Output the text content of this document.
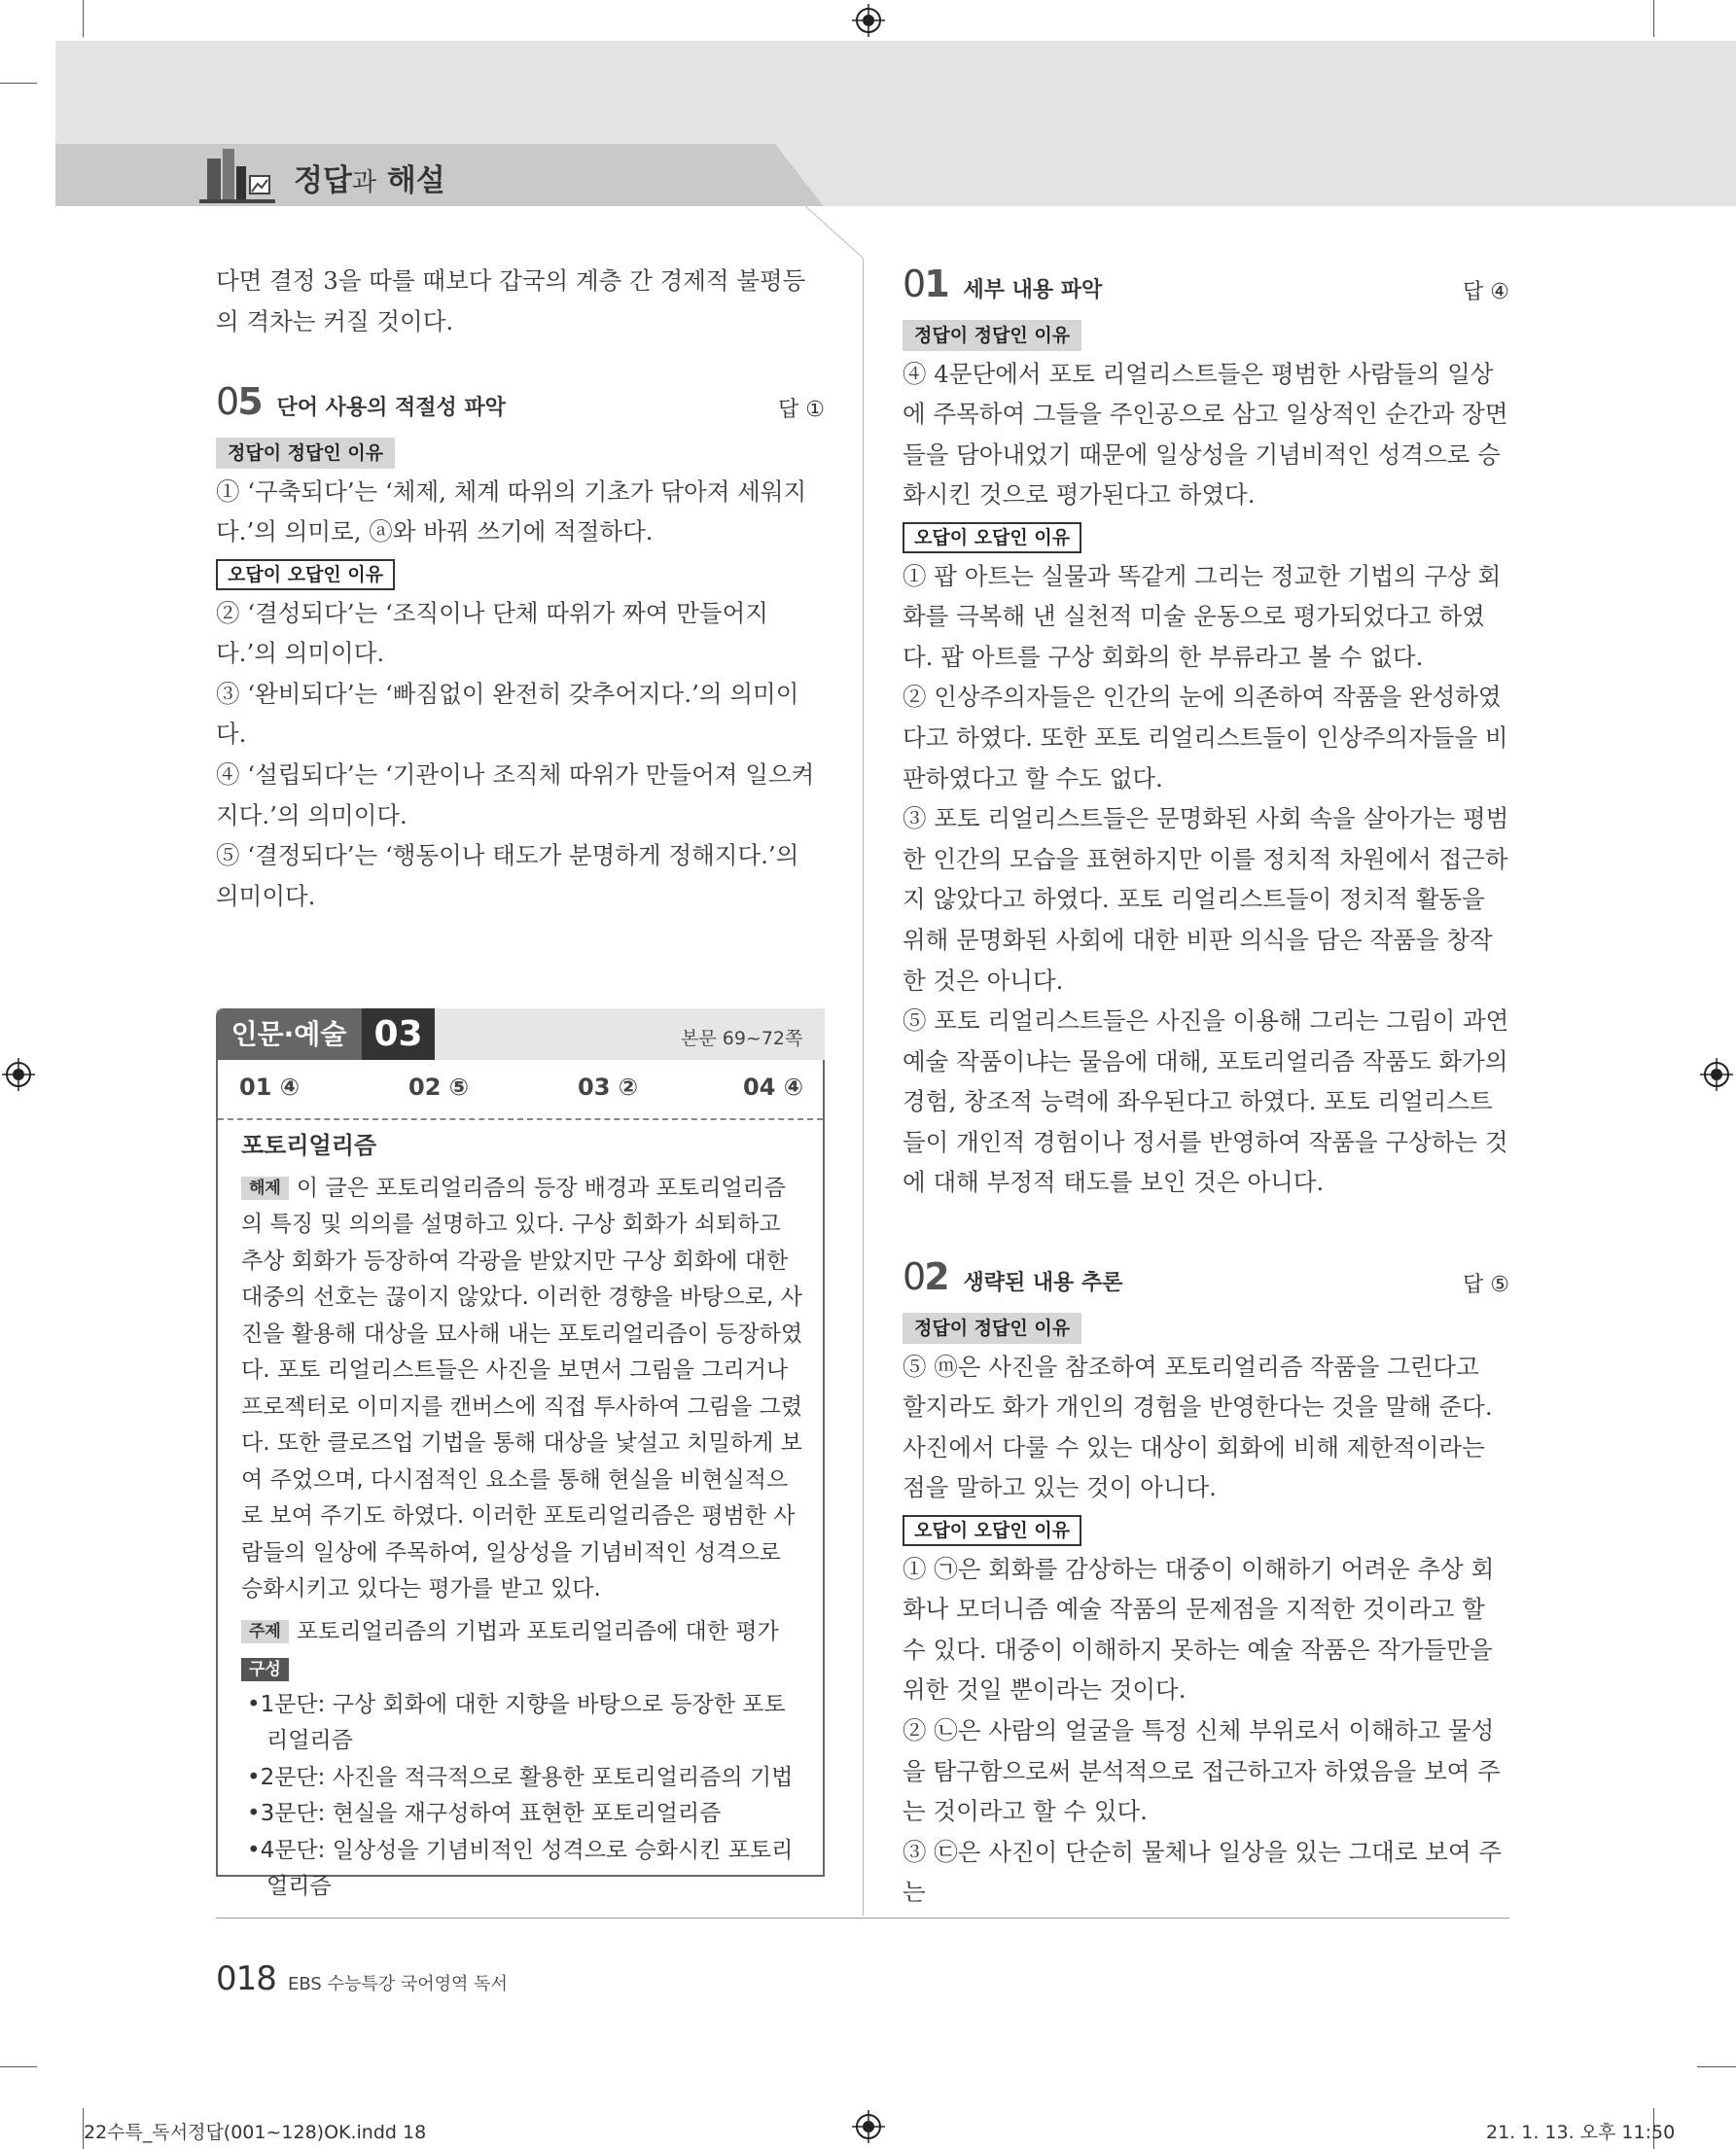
정답과 해설

다면 결정 3을 따를 때보다 갑국의 계층 간 경제적 불평등의 격차는 커질 것이다.

05 단어 사용의 적절성 파악	답 ①
정답이 정답인 이유

① ‘구축되다’는 ‘체제, 체계 따위의 기초가 닦아져 세워지다.’의 의미로, ⓐ와 바꿔 쓰기에 적절하다.

오답이 오답인 이유

② ‘결성되다’는 ‘조직이나 단체 따위가 짜여 만들어지다.’의 의미이다.

③ ‘완비되다’는 ‘빠짐없이 완전히 갖추어지다.’의 의미이다.

④ ‘설립되다’는 ‘기관이나 조직체 따위가 만들어져 일으켜지다.’의 의미이다.

⑤ ‘결정되다’는 ‘행동이나 태도가 분명하게 정해지다.’의 의미이다.

인문·예술 03	본문 69~72쪽
01 ④	02 ⑤	03 ②	04 ④
포토리얼리즘
해제 이 글은 포토리얼리즘의 등장 배경과 포토리얼리즘의 특징 및 의의를 설명하고 있다. 구상 회화가 쇠퇴하고 추상 회화가 등장하여 각광을 받았지만 구상 회화에 대한 대중의 선호는 끊이지 않았다. 이러한 경향을 바탕으로, 사진을 활용해 대상을 묘사해 내는 포토리얼리즘이 등장하였다. 포토 리얼리스트들은 사진을 보면서 그림을 그리거나 프로젝터로 이미지를 캔버스에 직접 투사하여 그림을 그렸다. 또한 클로즈업 기법을 통해 대상을 낯설고 치밀하게 보여 주었으며, 다시점적인 요소를 통해 현실을 비현실적으로 보여 주기도 하였다. 이러한 포토리얼리즘은 평범한 사람들의 일상에 주목하여, 일상성을 기념비적인 성격으로 승화시키고 있다는 평가를 받고 있다.
주제 포토리얼리즘의 기법과 포토리얼리즘에 대한 평가
구성
•1문단: 구상 회화에 대한 지향을 바탕으로 등장한 포토리얼리즘
•2문단: 사진을 적극적으로 활용한 포토리얼리즘의 기법
•3문단: 현실을 재구성하여 표현한 포토리얼리즘
•4문단: 일상성을 기념비적인 성격으로 승화시킨 포토리얼리즘
01 세부 내용 파악	답 ④
정답이 정답인 이유

④ 4문단에서 포토 리얼리스트들은 평범한 사람들의 일상에 주목하여 그들을 주인공으로 삼고 일상적인 순간과 장면들을 담아내었기 때문에 일상성을 기념비적인 성격으로 승화시킨 것으로 평가된다고 하였다.

오답이 오답인 이유

① 팝 아트는 실물과 똑같게 그리는 정교한 기법의 구상 회화를 극복해 낸 실천적 미술 운동으로 평가되었다고 하였다. 팝 아트를 구상 회화의 한 부류라고 볼 수 없다.

② 인상주의자들은 인간의 눈에 의존하여 작품을 완성하였다고 하였다. 또한 포토 리얼리스트들이 인상주의자들을 비판하였다고 할 수도 없다.

③ 포토 리얼리스트들은 문명화된 사회 속을 살아가는 평범한 인간의 모습을 표현하지만 이를 정치적 차원에서 접근하지 않았다고 하였다. 포토 리얼리스트들이 정치적 활동을 위해 문명화된 사회에 대한 비판 의식을 담은 작품을 창작한 것은 아니다.

⑤ 포토 리얼리스트들은 사진을 이용해 그리는 그림이 과연 예술 작품이냐는 물음에 대해, 포토리얼리즘 작품도 화가의 경험, 창조적 능력에 좌우된다고 하였다. 포토 리얼리스트들이 개인적 경험이나 정서를 반영하여 작품을 구상하는 것에 대해 부정적 태도를 보인 것은 아니다.

02 생략된 내용 추론	답 ⑤
정답이 정답인 이유

⑤ ⓜ은 사진을 참조하여 포토리얼리즘 작품을 그린다고 할지라도 화가 개인의 경험을 반영한다는 것을 말해 준다. 사진에서 다룰 수 있는 대상이 회화에 비해 제한적이라는 점을 말하고 있는 것이 아니다.

오답이 오답인 이유

① ㉠은 회화를 감상하는 대중이 이해하기 어려운 추상 회화나 모더니즘 예술 작품의 문제점을 지적한 것이라고 할 수 있다. 대중이 이해하지 못하는 예술 작품은 작가들만을 위한 것일 뿐이라는 것이다.

② ㉡은 사람의 얼굴을 특정 신체 부위로서 이해하고 물성을 탐구함으로써 분석적으로 접근하고자 하였음을 보여 주는 것이라고 할 수 있다.

③ ㉢은 사진이 단순히 물체나 일상을 있는 그대로 보여 주는

018 EBS 수능특강 국어영역 독서
22수특_독서정답(001~128)OK.indd 18	21. 1. 13. 오후 11:50
